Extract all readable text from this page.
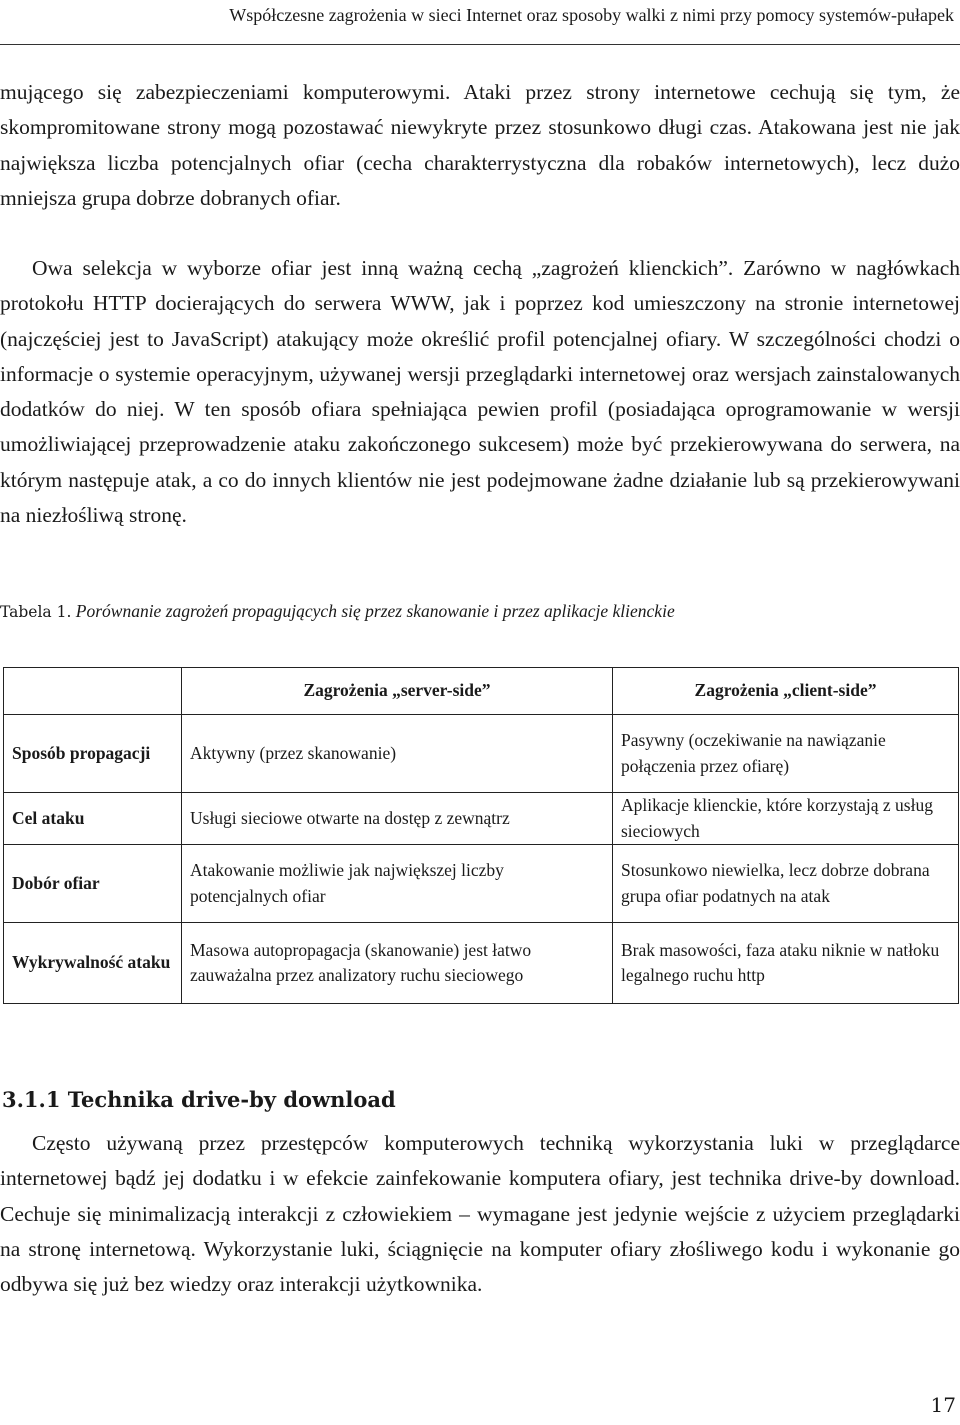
Współczesne zagrożenia w sieci Internet oraz sposoby walki z nimi przy pomocy systemów-pułapek

mującego się zabezpieczeniami komputerowymi. Ataki przez strony internetowe cechują się tym, że skompromitowane strony mogą pozostawać niewykryte przez stosunkowo długi czas. Atakowana jest nie jak największa liczba potencjalnych ofiar (cecha charakterrystyczna dla robaków internetowych), lecz dużo mniejsza grupa dobrze dobranych ofiar.

Owa selekcja w wyborze ofiar jest inną ważną cechą „zagrożeń klienckich”. Zarówno w nagłówkach protokołu HTTP docierających do serwera WWW, jak i poprzez kod umieszczony na stronie internetowej (najczęściej jest to JavaScript) atakujący może określić profil potencjalnej ofiary. W szczególności chodzi o informacje o systemie operacyjnym, używanej wersji przeglądarki internetowej oraz wersjach zainstalowanych dodatków do niej. W ten sposób ofiara spełniająca pewien profil (posiadająca oprogramowanie w wersji umożliwiającej przeprowadzenie ataku zakończonego sukcesem) może być przekierowywana do serwera, na którym następuje atak, a co do innych klientów nie jest podejmowane żadne działanie lub są przekierowywani na niezłośliwą stronę.

Tabela 1. Porównanie zagrożeń propagujących się przez skanowanie i przez aplikacje klienckie
	Zagrożenia „server-side”	Zagrożenia „client-side”
Sposób propagacji	Aktywny (przez skanowanie)	Pasywny (oczekiwanie na nawiązanie połączenia przez ofiarę)
Cel ataku	Usługi sieciowe otwarte na dostęp z zewnątrz	Aplikacje klienckie, które korzystają z usług sieciowych
Dobór ofiar	Atakowanie możliwie jak największej liczby potencjalnych ofiar	Stosunkowo niewielka, lecz dobrze dobrana grupa ofiar podatnych na atak
Wykrywalność ataku	Masowa autopropagacja (skanowanie) jest łatwo zauważalna przez analizatory ruchu sieciowego	Brak masowości, faza ataku niknie w natłoku legalnego ruchu http
3.1.1 Technika drive-by download

Często używaną przez przestępców komputerowych techniką wykorzystania luki w przeglądarce internetowej bądź jej dodatku i w efekcie zainfekowanie komputera ofiary, jest technika drive-by download. Cechuje się minimalizacją interakcji z człowiekiem – wymagane jest jedynie wejście z użyciem przeglądarki na stronę internetową. Wykorzystanie luki, ściągnięcie na komputer ofiary złośliwego kodu i wykonanie go odbywa się już bez wiedzy oraz interakcji użytkownika.

17
